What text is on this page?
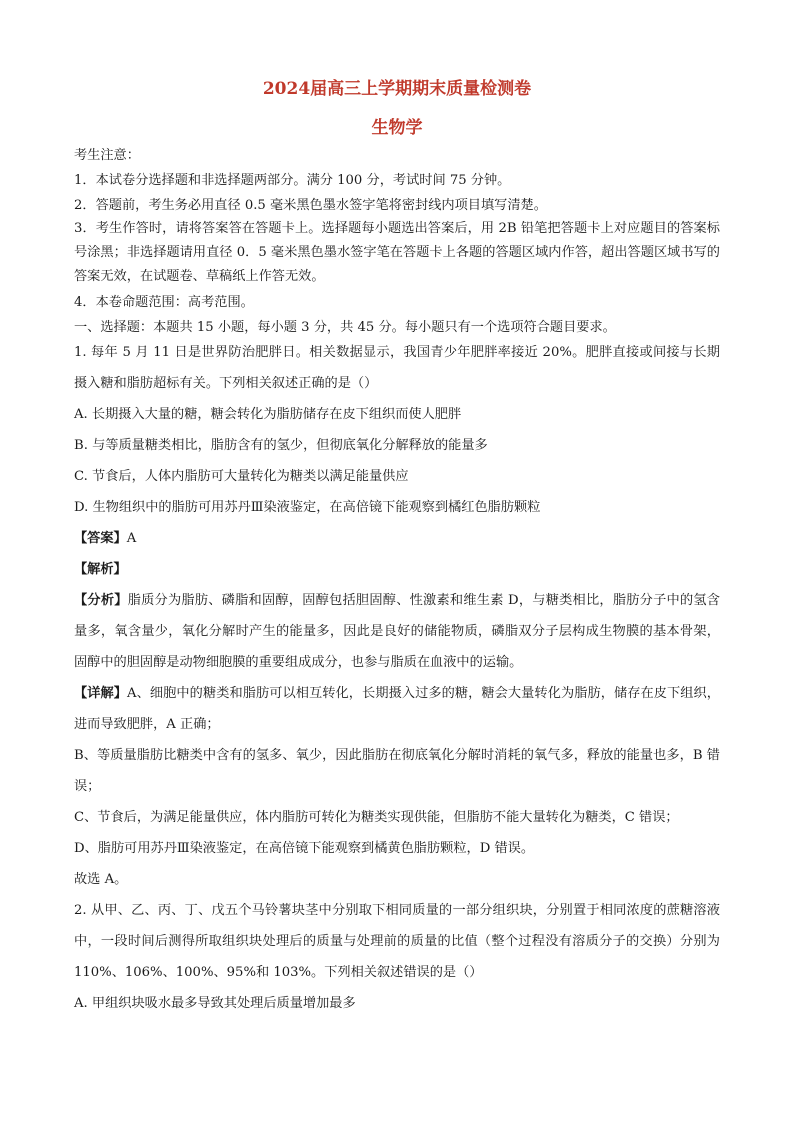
2024届高三上学期期末质量检测卷
生物学

考生注意：

1．本试卷分选择题和非选择题两部分。满分 100 分，考试时间 75 分钟。

2．答题前，考生务必用直径 0.5 毫米黑色墨水签字笔将密封线内项目填写清楚。

3．考生作答时，请将答案答在答题卡上。选择题每小题选出答案后，用 2B 铅笔把答题卡上对应题目的答案标号涂黑；非选择题请用直径 0．5 毫米黑色墨水签字笔在答题卡上各题的答题区域内作答，超出答题区域书写的答案无效，在试题卷、草稿纸上作答无效。

4．本卷命题范围：高考范围。

一、选择题：本题共 15 小题，每小题 3 分，共 45 分。每小题只有一个选项符合题目要求。

1. 每年 5 月 11 日是世界防治肥胖日。相关数据显示，我国青少年肥胖率接近 20%。肥胖直接或间接与长期摄入糖和脂肪超标有关。下列相关叙述正确的是（）

A. 长期摄入大量的糖，糖会转化为脂肪储存在皮下组织而使人肥胖

B. 与等质量糖类相比，脂肪含有的氢少，但彻底氧化分解释放的能量多

C. 节食后，人体内脂肪可大量转化为糖类以满足能量供应

D. 生物组织中的脂肪可用苏丹Ⅲ染液鉴定，在高倍镜下能观察到橘红色脂肪颗粒

【答案】A

【解析】

【分析】脂质分为脂肪、磷脂和固醇，固醇包括胆固醇、性激素和维生素 D，与糖类相比，脂肪分子中的氢含量多，氧含量少，氧化分解时产生的能量多，因此是良好的储能物质，磷脂双分子层构成生物膜的基本骨架，固醇中的胆固醇是动物细胞膜的重要组成成分，也参与脂质在血液中的运输。

【详解】A、细胞中的糖类和脂肪可以相互转化，长期摄入过多的糖，糖会大量转化为脂肪，储存在皮下组织，进而导致肥胖，A 正确；

B、等质量脂肪比糖类中含有的氢多、氧少，因此脂肪在彻底氧化分解时消耗的氧气多，释放的能量也多，B 错误；

C、节食后，为满足能量供应，体内脂肪可转化为糖类实现供能，但脂肪不能大量转化为糖类，C 错误；

D、脂肪可用苏丹Ⅲ染液鉴定，在高倍镜下能观察到橘黄色脂肪颗粒，D 错误。

故选 A。

2. 从甲、乙、丙、丁、戊五个马铃薯块茎中分别取下相同质量的一部分组织块，分别置于相同浓度的蔗糖溶液中，一段时间后测得所取组织块处理后的质量与处理前的质量的比值（整个过程没有溶质分子的交换）分别为 110%、106%、100%、95%和 103%。下列相关叙述错误的是（）

A. 甲组织块吸水最多导致其处理后质量增加最多
